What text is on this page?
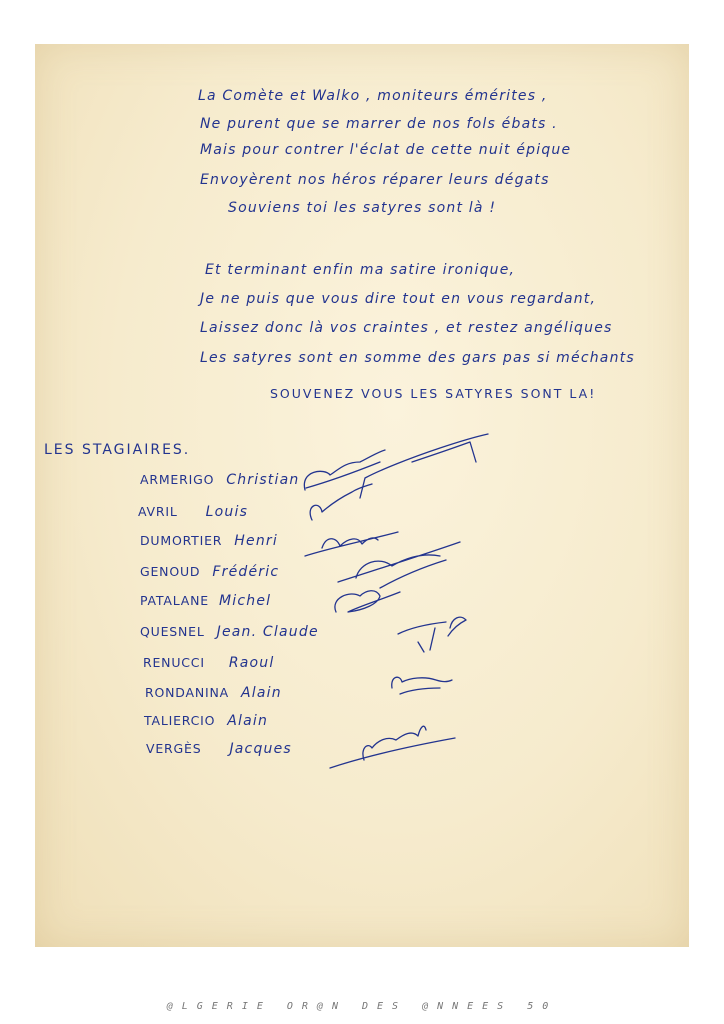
La Comète et Walko , moniteurs émérites ,
Ne purent que se marrer de nos fols ébats .
Mais pour contrer l'éclat de cette nuit épique
Envoyèrent nos héros réparer leurs dégats
Souviens toi les satyres sont là !
Et terminant enfin ma satire ironique,
Je ne puis que vous dire tout en vous regardant,
Laissez donc là vos craintes , et restez angéliques
Les satyres sont en somme des gars pas si méchants
SOUVENEZ VOUS LES SATYRES SONT LA!
LES STAGIAIRES.
ARMERIGO Christian
AVRIL Louis
DUMORTIER Henri
GENOUD Frédéric
PATALANE Michel
QUESNEL Jean. Claude
RENUCCI Raoul
RONDANINA Alain
TALIERCIO Alain
VERGÈS Jacques
@LGERIE OR@N DES @NNEES 50
